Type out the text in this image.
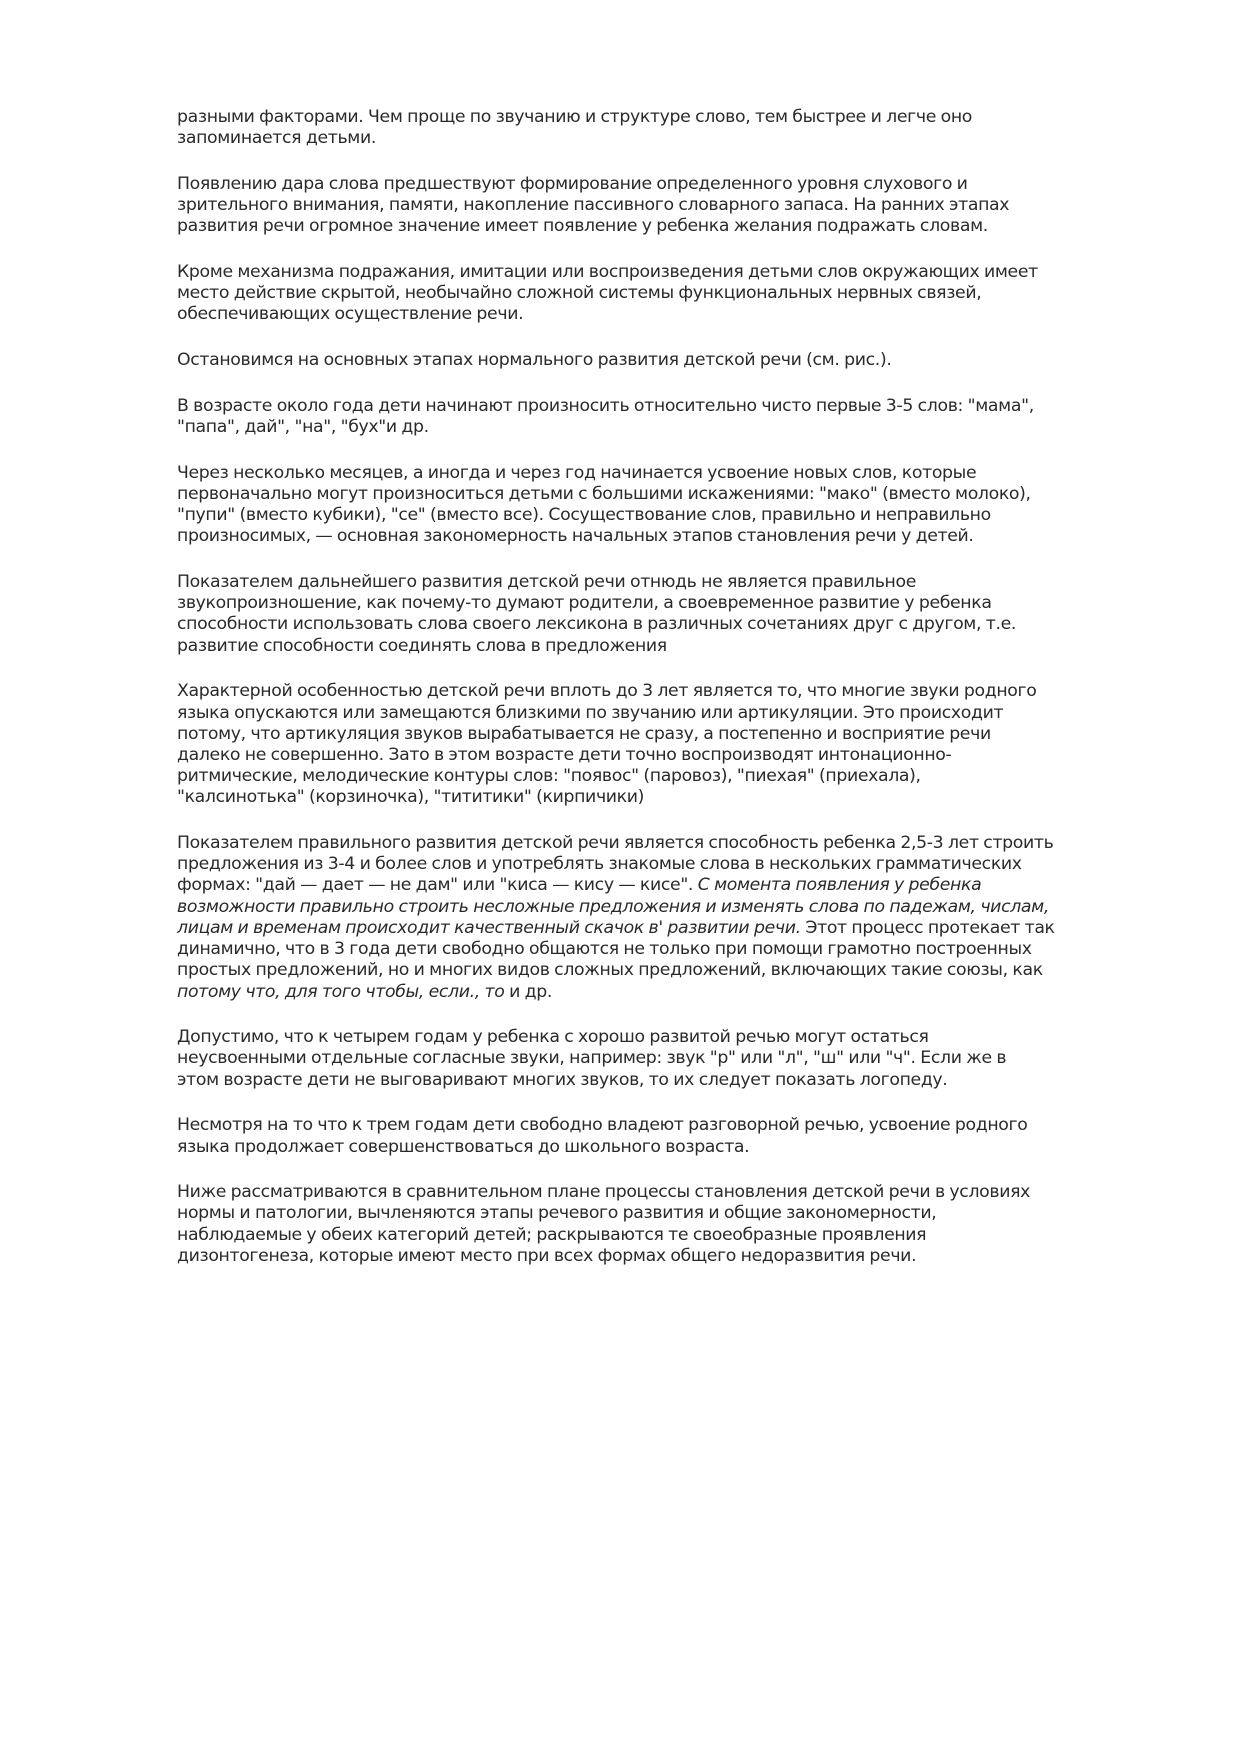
разными факторами. Чем проще по звучанию и структуре слово, тем быстрее и легче оно
запоминается детьми.

Появлению дара слова предшествуют формирование определенного уровня слухового и
зрительного внимания, памяти, накопление пассивного словарного запаса. На ранних этапах
развития речи огромное значение имеет появление у ребенка желания подражать словам.

Кроме механизма подражания, имитации или воспроизведения детьми слов окружающих имеет
место действие скрытой, необычайно сложной системы функциональных нервных связей,
обеспечивающих осуществление речи.

Остановимся на основных этапах нормального развития детской речи (см. рис.).

В возрасте около года дети начинают произносить относительно чисто первые 3-5 слов: "мама",
"папа", дай", "на", "бух"и др.

Через несколько месяцев, а иногда и через год начинается усвоение новых слов, которые
первоначально могут произноситься детьми с большими искажениями: "мако" (вместо молоко),
"пупи" (вместо кубики), "се" (вместо все). Сосуществование слов, правильно и неправильно
произносимых, — основная закономерность начальных этапов становления речи у детей.

Показателем дальнейшего развития детской речи отнюдь не является правильное
звукопроизношение, как почему-то думают родители, а своевременное развитие у ребенка
способности использовать слова своего лексикона в различных сочетаниях друг с другом, т.е.
развитие способности соединять слова в предложения

Характерной особенностью детской речи вплоть до 3 лет является то, что многие звуки родного
языка опускаются или замещаются близкими по звучанию или артикуляции. Это происходит
потому, что артикуляция звуков вырабатывается не сразу, а постепенно и восприятие речи
далеко не совершенно. Зато в этом возрасте дети точно воспроизводят интонационно-
ритмические, мелодические контуры слов: "появос" (паровоз), "пиехая" (приехала),
"калсинотька" (корзиночка), "тититики" (кирпичики)

Показателем правильного развития детской речи является способность ребенка 2,5-3 лет строить
предложения из 3-4 и более слов и употреблять знакомые слова в нескольких грамматических
формах: "дай — дает — не дам" или "киса — кису — кисе". С момента появления у ребенка
возможности правильно строить несложные предложения и изменять слова по падежам, числам,
лицам и временам происходит качественный скачок в' развитии речи. Этот процесс протекает так
динамично, что в 3 года дети свободно общаются не только при помощи грамотно построенных
простых предложений, но и многих видов сложных предложений, включающих такие союзы, как
потому что, для того чтобы, если., то и др.

Допустимо, что к четырем годам у ребенка с хорошо развитой речью могут остаться
неусвоенными отдельные согласные звуки, например: звук "р" или "л", "ш" или "ч". Если же в
этом возрасте дети не выговаривают многих звуков, то их следует показать логопеду.

Несмотря на то что к трем годам дети свободно владеют разговорной речью, усвоение родного
языка продолжает совершенствоваться до школьного возраста.

Ниже рассматриваются в сравнительном плане процессы становления детской речи в условиях
нормы и патологии, вычленяются этапы речевого развития и общие закономерности,
наблюдаемые у обеих категорий детей; раскрываются те своеобразные проявления
дизонтогенеза, которые имеют место при всех формах общего недоразвития речи.
